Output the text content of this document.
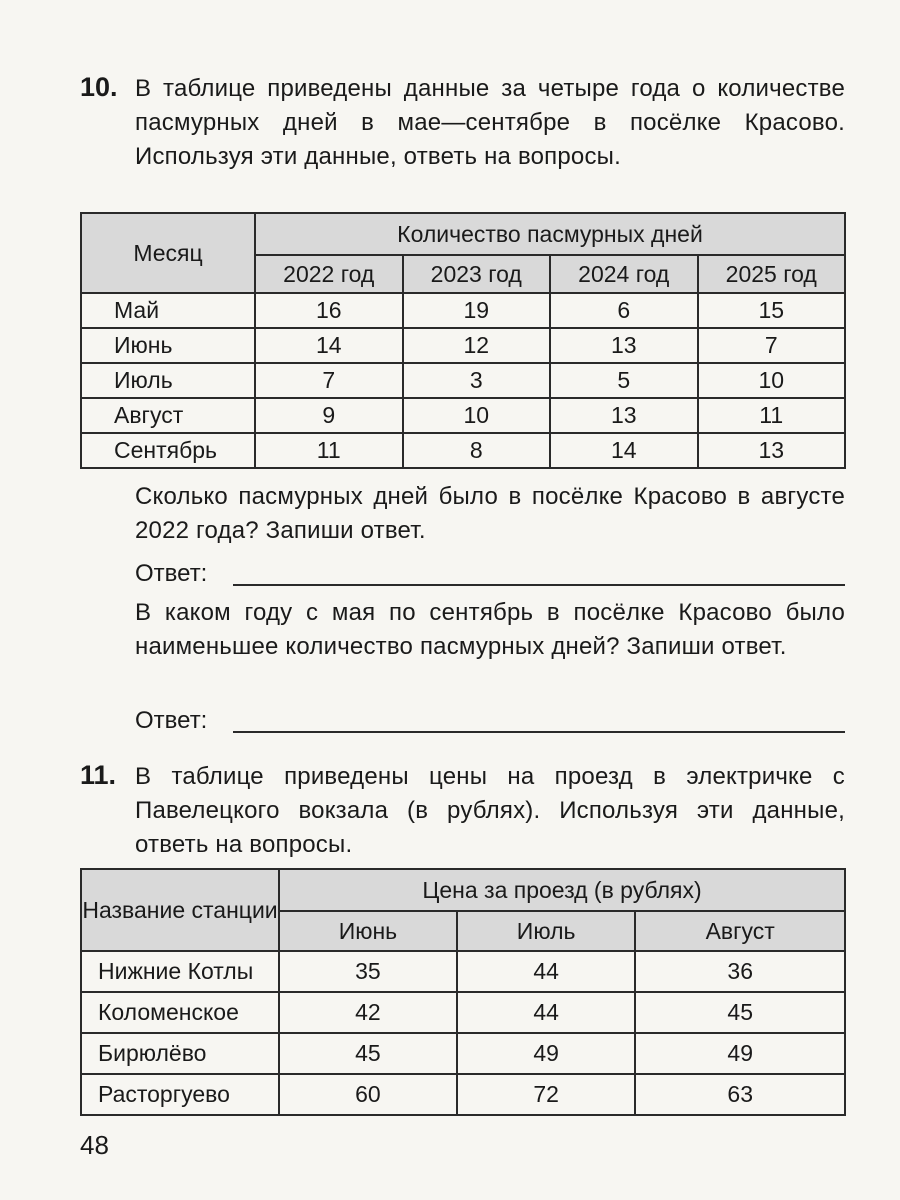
10. В таблице приведены данные за четыре года о количестве пасмурных дней в мае—сентябре в посёлке Красово. Используя эти данные, ответь на вопросы.
Месяц	Количество пасмурных дней			
	2022 год	2023 год	2024 год	2025 год
Май	16	19	6	15
Июнь	14	12	13	7
Июль	7	3	5	10
Август	9	10	13	11
Сентябрь	11	8	14	13
Сколько пасмурных дней было в посёлке Красово в августе 2022 года? Запиши ответ.
Ответ:
В каком году с мая по сентябрь в посёлке Красово было наименьшее количество пасмурных дней? Запиши ответ.
Ответ:
11. В таблице приведены цены на проезд в электричке с Павелецкого вокзала (в рублях). Используя эти данные, ответь на вопросы.
Название станции	Цена за проезд (в рублях)		
	Июнь	Июль	Август
Нижние Котлы	35	44	36
Коломенское	42	44	45
Бирюлёво	45	49	49
Расторгуево	60	72	63
48
